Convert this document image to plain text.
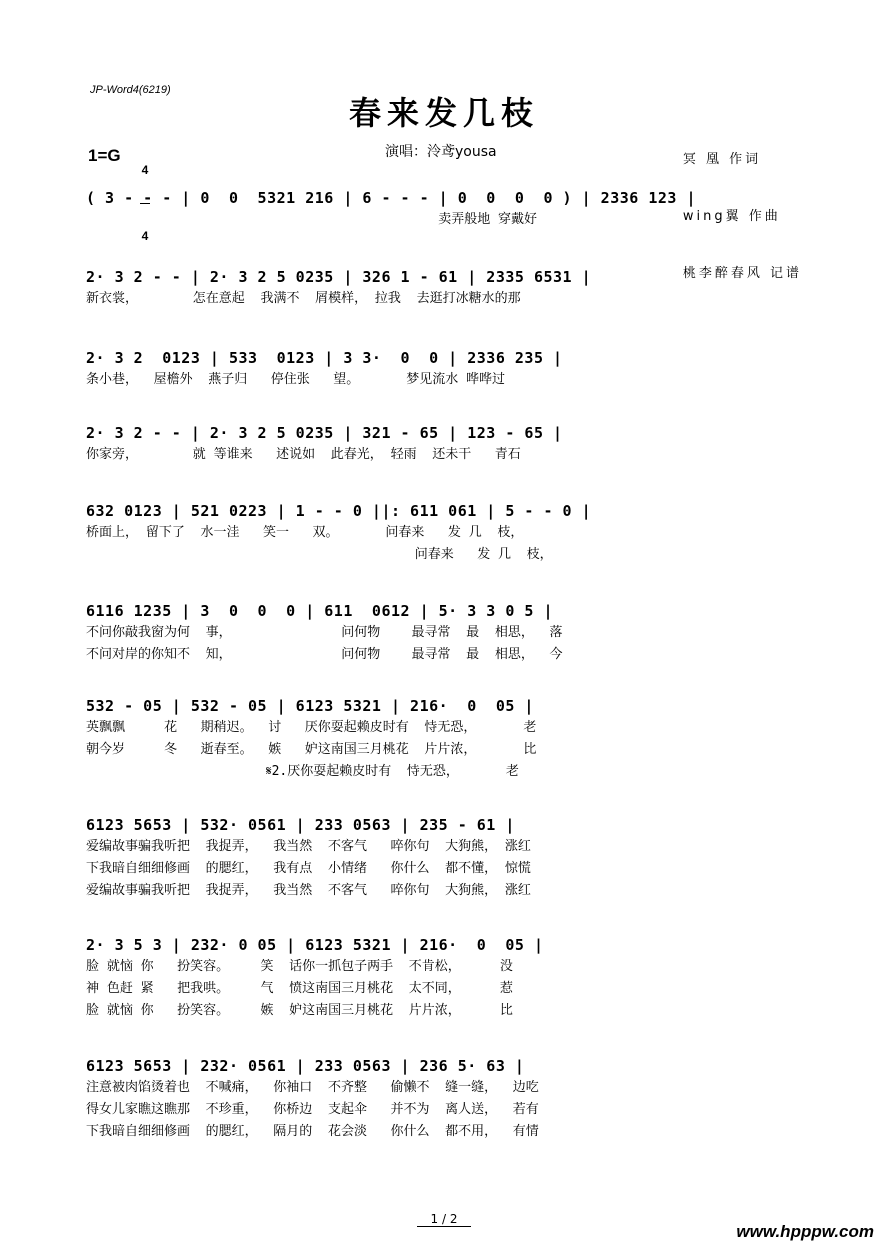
JP-Word4(6219)
春来发几枝
1=G

4

4

演唱：泠鸢yousa

	冥 凰 作词

wing翼 作曲

桃李醉春风 记谱

( 3 - - - | 0  0  5321 216 | 6 - - - | 0  0  0  0 ) | 2336 123 |
卖弄般地 穿戴好
2· 3 2 - - | 2· 3 2 5 0235 | 326 1 - 61 | 2335 6531 |
新衣裳，       怎在意起  我满不  屑模样， 拉我  去逛打冰糖水的那
2· 3 2  0123 | 533  0123 | 3 3·  0  0 | 2336 235 |
条小巷，  屋檐外  燕子归   停住张   望。      梦见流水 哗哗过
2· 3 2 - - | 2· 3 2 5 0235 | 321 - 65 | 123 - 65 |
你家旁，       就 等谁来   述说如  此春光， 轻雨  还未干   青石
632 0123 | 521 0223 | 1 - - 0 ||: 611 061 | 5 - - 0 |
桥面上， 留下了  水一洼   笑一   双。      问春来   发 几  枝，
问春来   发 几  枝，
6116 1235 | 3  0  0  0 | 611  0612 | 5· 3 3 0 5 |
不问你敲我窗为何  事，              问何物    最寻常  最  相思，  落
不问对岸的你知不  知，              问何物    最寻常  最  相思，  今
532 - 05 | 532 - 05 | 6123 5321 | 216·  0  05 |
英飘飘     花   期稍迟。  讨   厌你耍起赖皮时有  恃无恐，      老
朝今岁     冬   逝春至。  嫉   妒这南国三月桃花  片片浓，      比
𝄋2.厌你耍起赖皮时有  恃无恐，      老
6123 5653 | 532· 0561 | 233 0563 | 235 - 61 |
爱编故事骗我听把  我捉弄，  我当然  不客气   啐你句  大狗熊， 涨红
下我暗自细细修画  的腮红，  我有点  小情绪   你什么  都不懂， 惊慌
爱编故事骗我听把  我捉弄，  我当然  不客气   啐你句  大狗熊， 涨红
2· 3 5 3 | 232· 0 05 | 6123 5321 | 216·  0  05 |
脸 就恼 你   扮笑容。    笑  话你一抓包子两手  不肯松，     没
神 色赶 紧   把我哄。    气  愤这南国三月桃花  太不同，     惹
脸 就恼 你   扮笑容。    嫉  妒这南国三月桃花  片片浓，     比
6123 5653 | 232· 0561 | 233 0563 | 236 5· 63 |
注意被肉馅烫着也  不喊痛，  你袖口  不齐整   偷懒不  缝一缝，  边吃
得女儿家瞧这瞧那  不珍重，  你桥边  支起伞   并不为  离人送，  若有
下我暗自细细修画  的腮红，  隔月的  花会淡   你什么  都不用，  有情
1 / 2
www.hpppw.com
